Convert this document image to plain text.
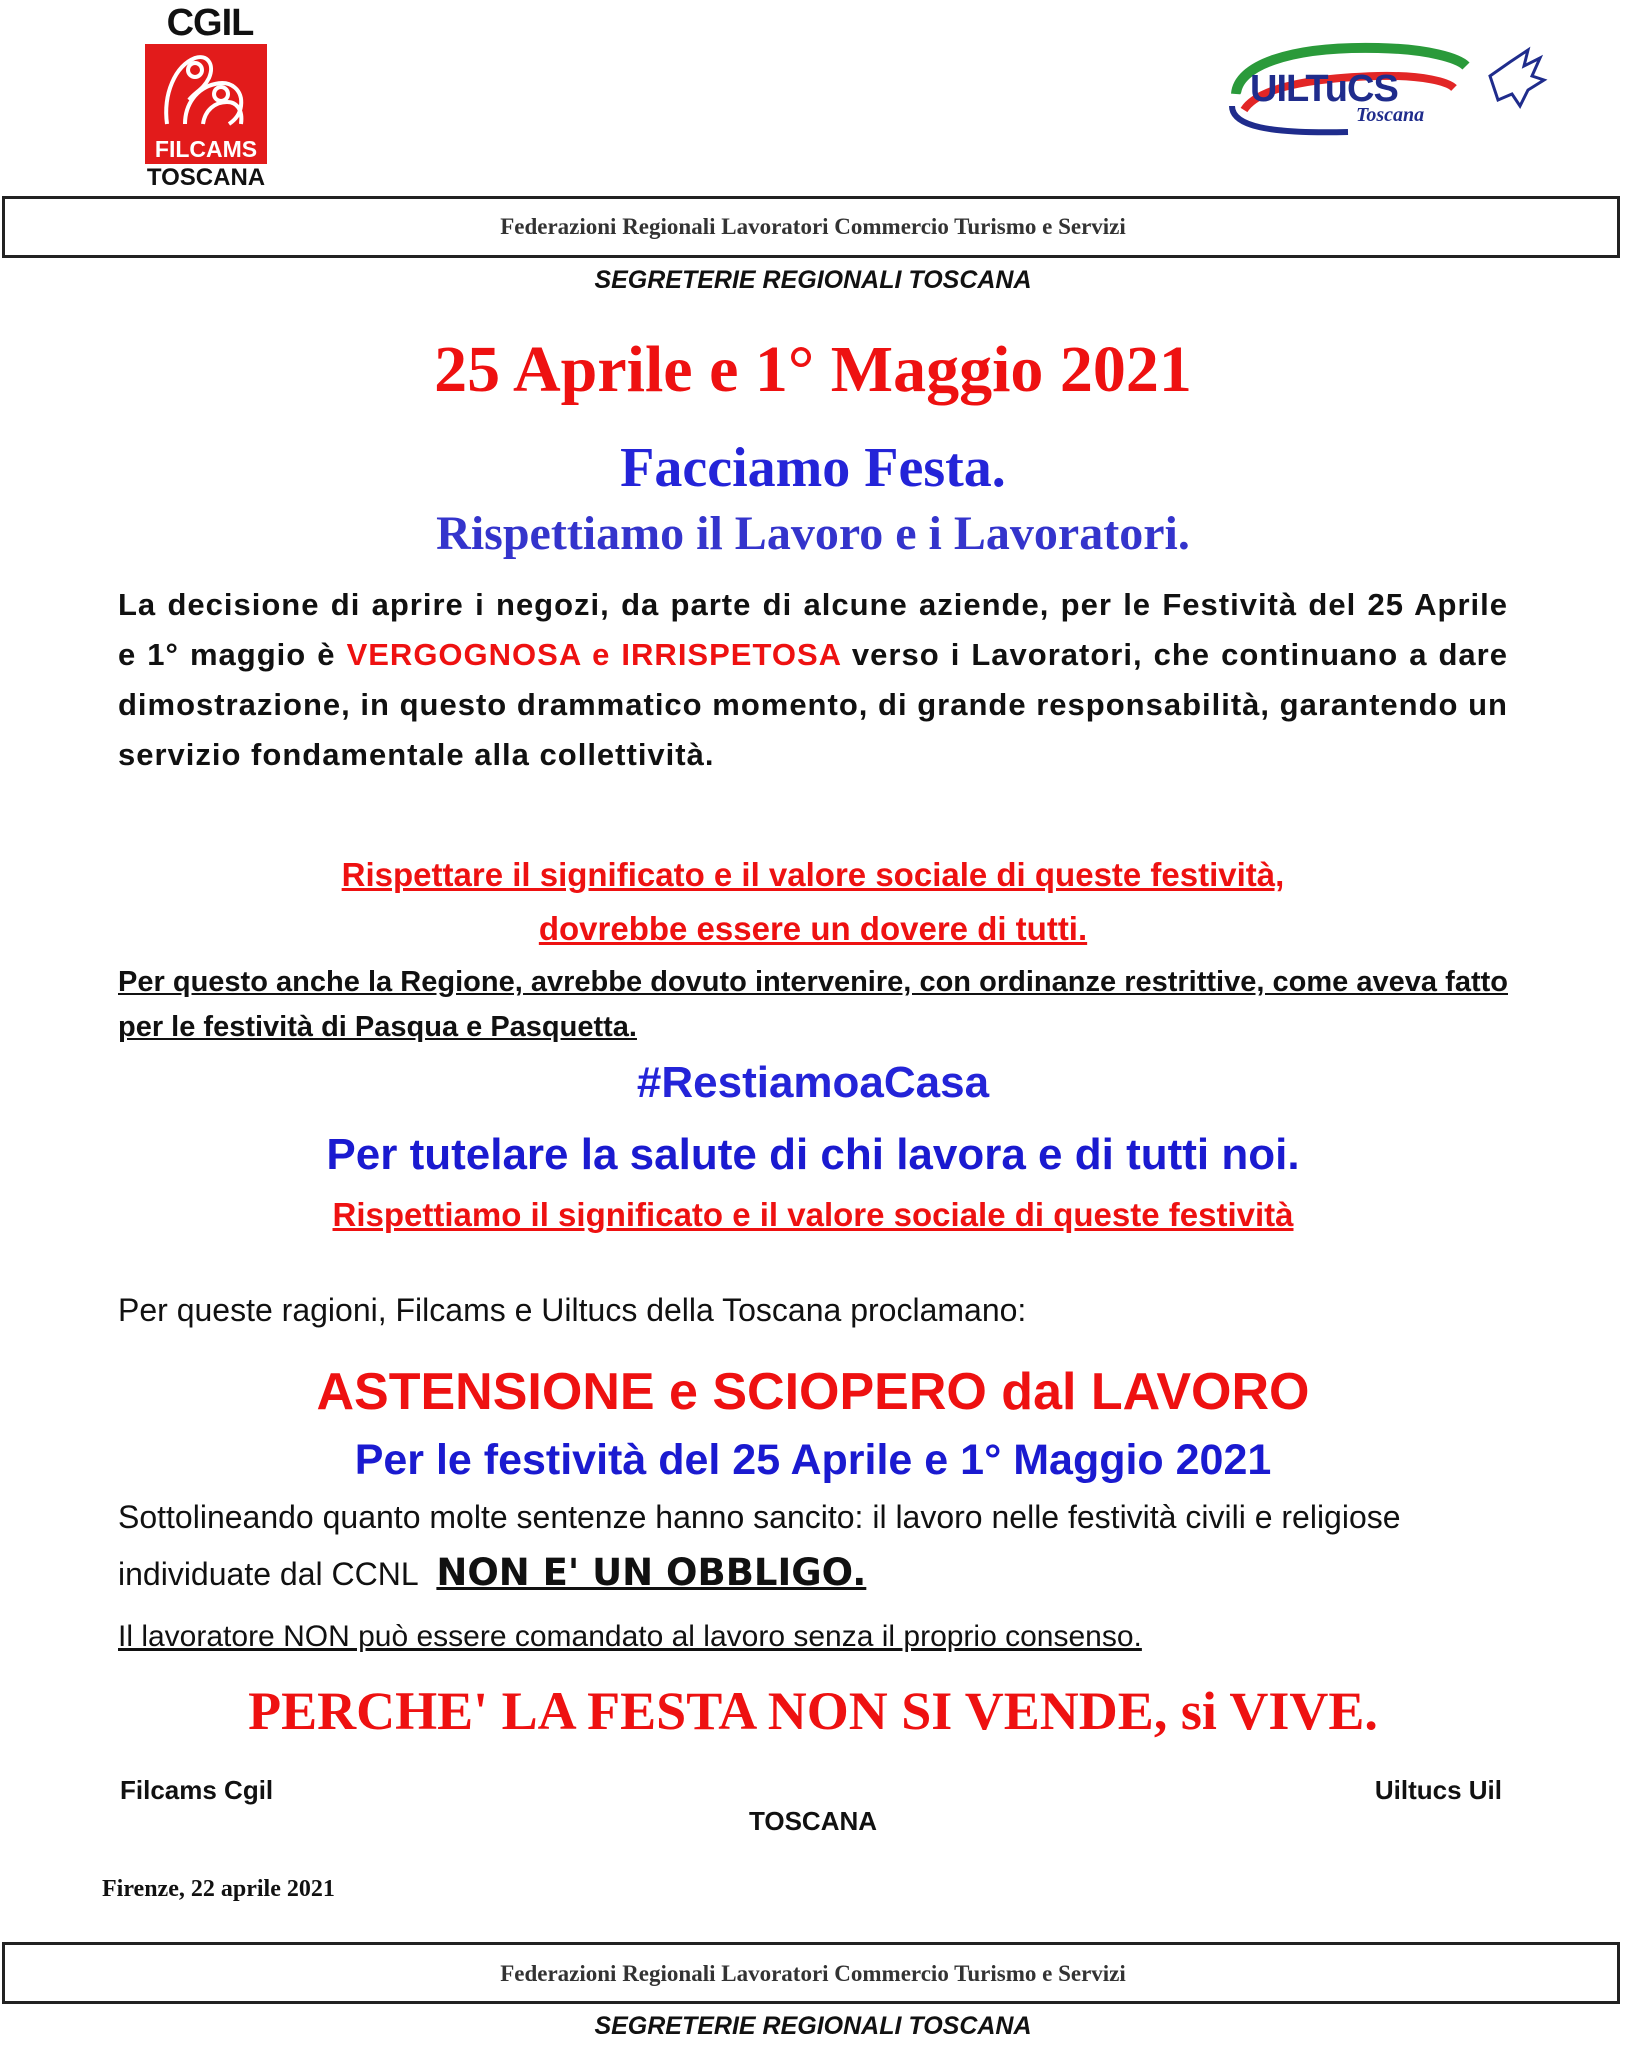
CGIL
FILCAMS
TOSCANA
UILTuCS
Toscana
Federazioni Regionali Lavoratori Commercio Turismo e Servizi
SEGRETERIE REGIONALI TOSCANA
25 Aprile e 1° Maggio 2021
Facciamo Festa.
Rispettiamo il Lavoro e i Lavoratori.
La decisione di aprire i negozi, da parte di alcune aziende, per le Festività del 25 Aprile e 1° maggio è VERGOGNOSA e IRRISPETOSA verso i Lavoratori, che continuano a dare dimostrazione, in questo drammatico momento, di grande responsabilità, garantendo un servizio fondamentale alla collettività.
Rispettare il significato e il valore sociale di queste festività,
dovrebbe essere un dovere di tutti.
Per questo anche la Regione, avrebbe dovuto intervenire, con ordinanze restrittive, come aveva fatto per le festività di Pasqua e Pasquetta.
#RestiamoaCasa
Per tutelare la salute di chi lavora e di tutti noi.
Rispettiamo il significato e il valore sociale di queste festività
Per queste ragioni, Filcams e Uiltucs della Toscana proclamano:
ASTENSIONE e SCIOPERO dal LAVORO
Per le festività del 25 Aprile e 1° Maggio 2021
Sottolineando quanto molte sentenze hanno sancito: il lavoro nelle festività civili e religiose individuate dal CCNL NON E' UN OBBLIGO.
Il lavoratore NON può essere comandato al lavoro senza il proprio consenso.
PERCHE' LA FESTA NON SI VENDE, si VIVE.
Filcams Cgil	Uiltucs Uil
TOSCANA
Firenze, 22 aprile 2021
Federazioni Regionali Lavoratori Commercio Turismo e Servizi
SEGRETERIE REGIONALI TOSCANA
